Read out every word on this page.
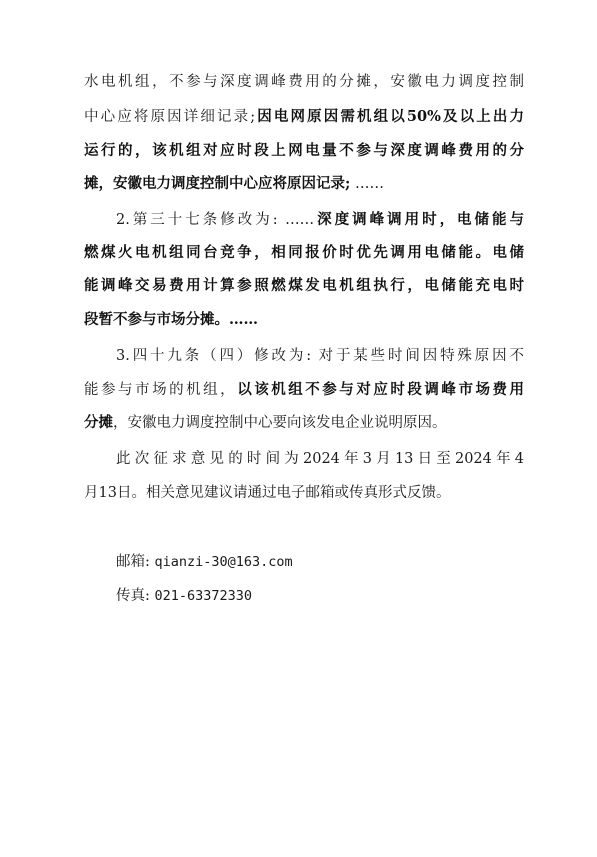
水电机组，不参与深度调峰费用的分摊，安徽电力调度控制
中心应将原因详细记录;因电网原因需机组以50%及以上出力
运行的，该机组对应时段上网电量不参与深度调峰费用的分
摊，安徽电力调度控制中心应将原因记录; ……
2.第三十七条修改为: ……深度调峰调用时，电储能与
燃煤火电机组同台竞争，相同报价时优先调用电储能。电储
能调峰交易费用计算参照燃煤发电机组执行，电储能充电时
段暂不参与市场分摊。……
3.四十九条（四）修改为: 对于某些时间因特殊原因不
能参与市场的机组，以该机组不参与对应时段调峰市场费用
分摊，安徽电力调度控制中心要向该发电企业说明原因。
此次征求意见的时间为2024年3月13日至2024年4
月13日。相关意见建议请通过电子邮箱或传真形式反馈。
邮箱: qianzi-30@163.com
传真: 021-63372330
